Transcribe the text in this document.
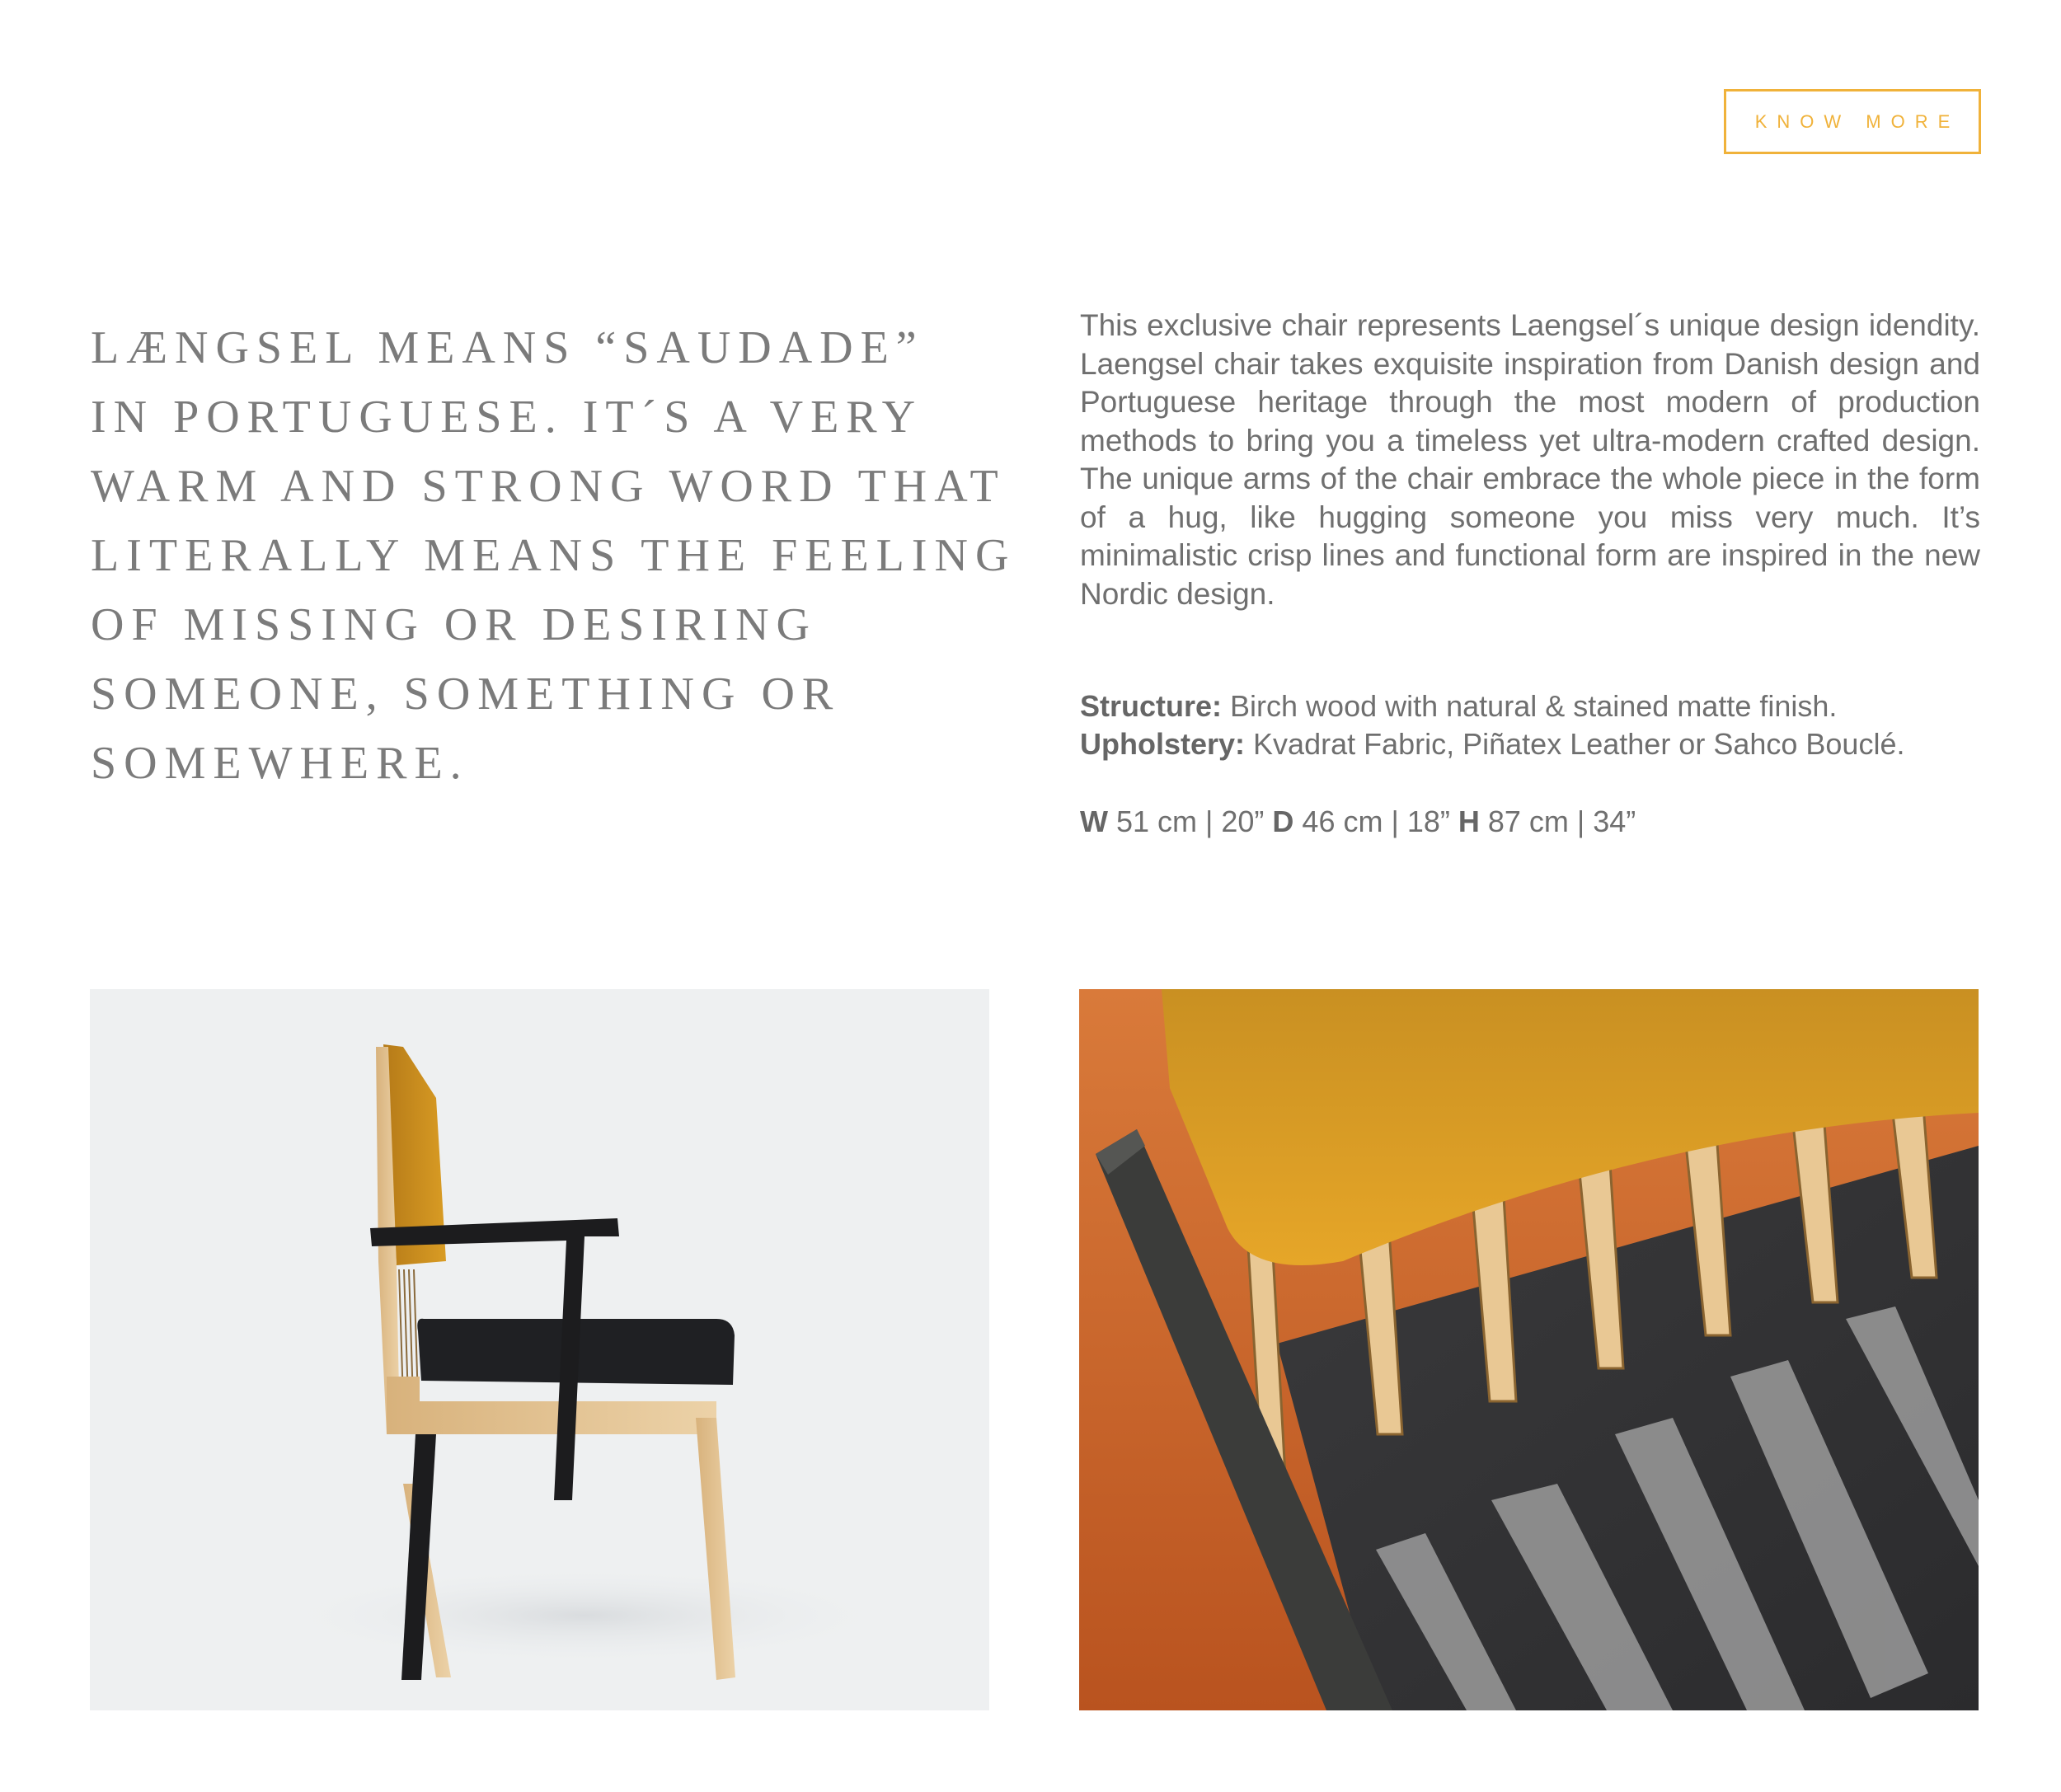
KNOW MORE
LÆNGSEL MEANS “SAUDADE”
IN PORTUGUESE. IT´S A VERY
WARM AND STRONG WORD THAT
LITERALLY MEANS THE FEELING
OF MISSING OR DESIRING
SOMEONE, SOMETHING OR
SOMEWHERE.

This exclusive chair represents Laengsel´s unique design idendity. Laengsel chair takes exquisite inspiration from Danish design and Portuguese heritage through the most modern of production methods to bring you a timeless yet ultra-modern crafted design. The unique arms of the chair embrace the whole piece in the form of a hug, like hugging someone you miss very much. It’s minimalistic crisp lines and functional form are inspired in the new Nordic design.

Structure: Birch wood with natural & stained matte finish.
Upholstery: Kvadrat Fabric, Piñatex Leather or Sahco Bouclé.
W 51 cm | 20” D 46 cm | 18” H 87 cm | 34”
